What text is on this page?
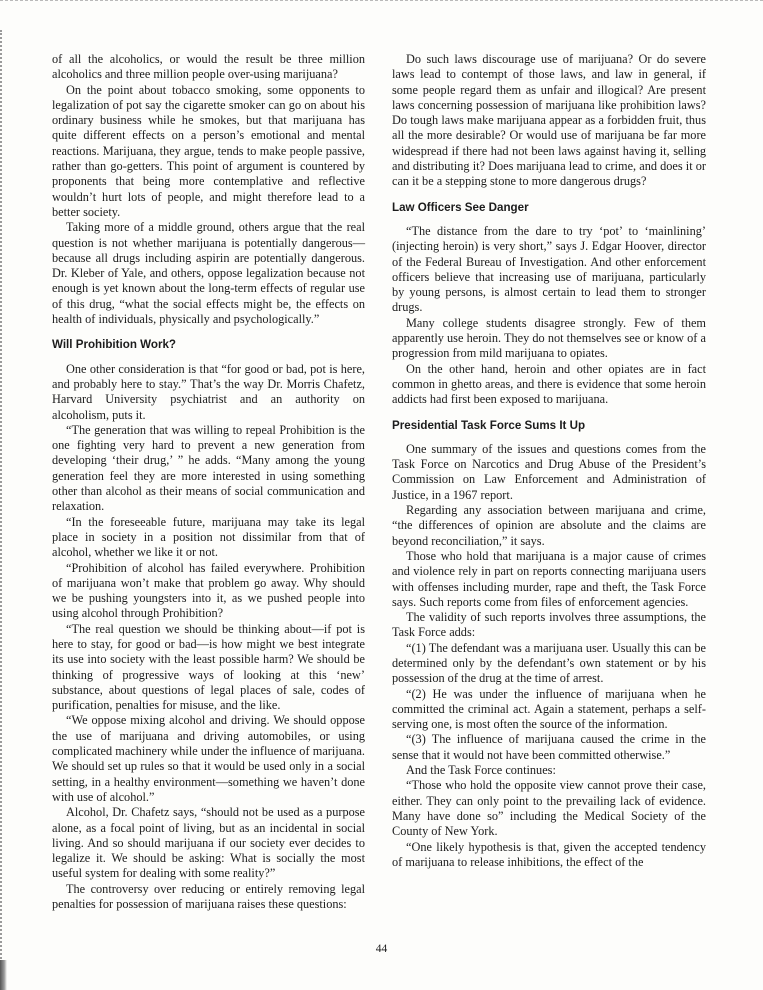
of all the alcoholics, or would the result be three million alcoholics and three million people over-using marijuana?

On the point about tobacco smoking, some opponents to legalization of pot say the cigarette smoker can go on about his ordinary business while he smokes, but that marijuana has quite different effects on a person’s emotional and mental reactions. Marijuana, they argue, tends to make people passive, rather than go-getters. This point of argument is countered by proponents that being more contemplative and reflective wouldn’t hurt lots of people, and might therefore lead to a better society.

Taking more of a middle ground, others argue that the real question is not whether marijuana is potentially dangerous—because all drugs including aspirin are potentially dangerous. Dr. Kleber of Yale, and others, oppose legalization because not enough is yet known about the long-term effects of regular use of this drug, “what the social effects might be, the effects on health of individuals, physically and psychologically.”

Will Prohibition Work?

One other consideration is that “for good or bad, pot is here, and probably here to stay.” That’s the way Dr. Morris Chafetz, Harvard University psychiatrist and an authority on alcoholism, puts it.

“The generation that was willing to repeal Prohibition is the one fighting very hard to prevent a new generation from developing ‘their drug,’ ” he adds. “Many among the young generation feel they are more interested in using something other than alcohol as their means of social communication and relaxation.

“In the foreseeable future, marijuana may take its legal place in society in a position not dissimilar from that of alcohol, whether we like it or not.

“Prohibition of alcohol has failed everywhere. Prohibition of marijuana won’t make that problem go away. Why should we be pushing youngsters into it, as we pushed people into using alcohol through Prohibition?

“The real question we should be thinking about—if pot is here to stay, for good or bad—is how might we best integrate its use into society with the least possible harm? We should be thinking of progressive ways of looking at this ‘new’ substance, about questions of legal places of sale, codes of purification, penalties for misuse, and the like.

“We oppose mixing alcohol and driving. We should oppose the use of marijuana and driving automobiles, or using complicated machinery while under the influence of marijuana. We should set up rules so that it would be used only in a social setting, in a healthy environment—something we haven’t done with use of alcohol.”

Alcohol, Dr. Chafetz says, “should not be used as a purpose alone, as a focal point of living, but as an incidental in social living. And so should marijuana if our society ever decides to legalize it. We should be asking: What is socially the most useful system for dealing with some reality?”

The controversy over reducing or entirely removing legal penalties for possession of marijuana raises these questions:

Do such laws discourage use of marijuana? Or do severe laws lead to contempt of those laws, and law in general, if some people regard them as unfair and illogical? Are present laws concerning possession of marijuana like prohibition laws? Do tough laws make marijuana appear as a forbidden fruit, thus all the more desirable? Or would use of marijuana be far more widespread if there had not been laws against having it, selling and distributing it? Does marijuana lead to crime, and does it or can it be a stepping stone to more dangerous drugs?

Law Officers See Danger

“The distance from the dare to try ‘pot’ to ‘mainlining’ (injecting heroin) is very short,” says J. Edgar Hoover, director of the Federal Bureau of Investigation. And other enforcement officers believe that increasing use of marijuana, particularly by young persons, is almost certain to lead them to stronger drugs.

Many college students disagree strongly. Few of them apparently use heroin. They do not themselves see or know of a progression from mild marijuana to opiates.

On the other hand, heroin and other opiates are in fact common in ghetto areas, and there is evidence that some heroin addicts had first been exposed to marijuana.

Presidential Task Force Sums It Up

One summary of the issues and questions comes from the Task Force on Narcotics and Drug Abuse of the President’s Commission on Law Enforcement and Administration of Justice, in a 1967 report.

Regarding any association between marijuana and crime, “the differences of opinion are absolute and the claims are beyond reconciliation,” it says.

Those who hold that marijuana is a major cause of crimes and violence rely in part on reports connecting marijuana users with offenses including murder, rape and theft, the Task Force says. Such reports come from files of enforcement agencies.

The validity of such reports involves three assumptions, the Task Force adds:

“(1) The defendant was a marijuana user. Usually this can be determined only by the defendant’s own statement or by his possession of the drug at the time of arrest.

“(2) He was under the influence of marijuana when he committed the criminal act. Again a statement, perhaps a self-serving one, is most often the source of the information.

“(3) The influence of marijuana caused the crime in the sense that it would not have been committed otherwise.”

And the Task Force continues:

“Those who hold the opposite view cannot prove their case, either. They can only point to the prevailing lack of evidence. Many have done so” including the Medical Society of the County of New York.

“One likely hypothesis is that, given the accepted tendency of marijuana to release inhibitions, the effect of the

44
